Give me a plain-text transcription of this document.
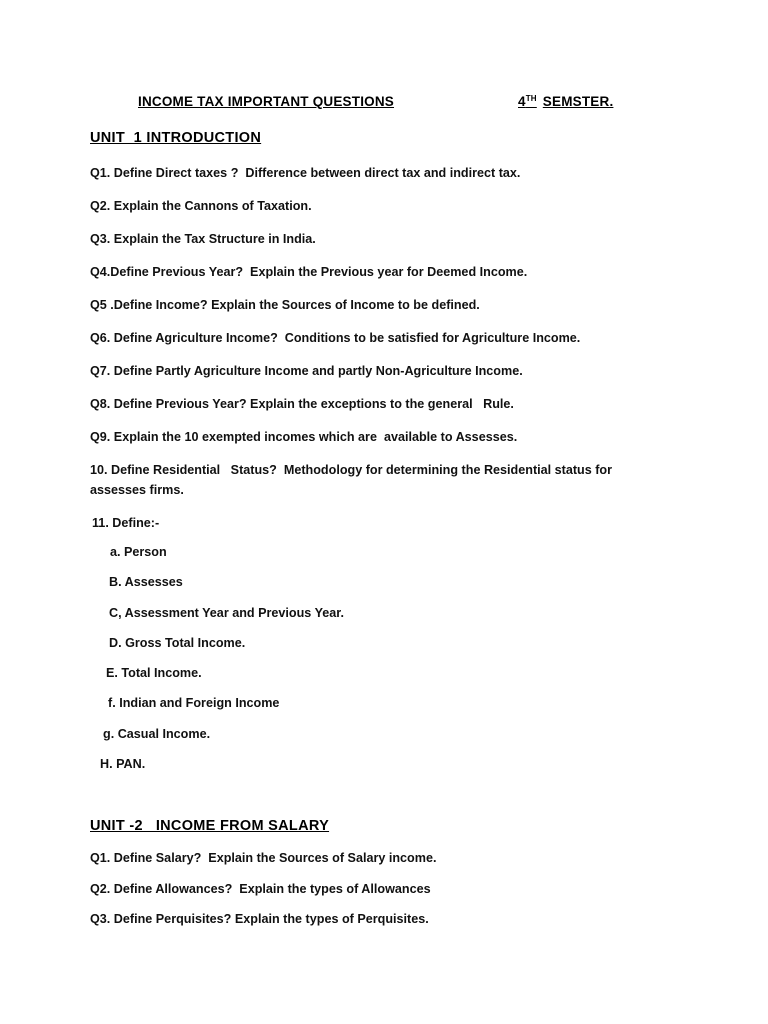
INCOME TAX IMPORTANT QUESTIONS	4TH SEMSTER.
UNIT  1 INTRODUCTION
Q1. Define Direct taxes ?  Difference between direct tax and indirect tax.
Q2. Explain the Cannons of Taxation.
Q3. Explain the Tax Structure in India.
Q4.Define Previous Year?  Explain the Previous year for Deemed Income.
Q5 .Define Income? Explain the Sources of Income to be defined.
Q6. Define Agriculture Income?  Conditions to be satisfied for Agriculture Income.
Q7. Define Partly Agriculture Income and partly Non-Agriculture Income.
Q8. Define Previous Year? Explain the exceptions to the general   Rule.
Q9. Explain the 10 exempted incomes which are  available to Assesses.
10. Define Residential   Status?  Methodology for determining the Residential status for assesses firms.
11. Define:-
a. Person
B. Assesses
C, Assessment Year and Previous Year.
D. Gross Total Income.
E. Total Income.
f. Indian and Foreign Income
g. Casual Income.
H. PAN.
UNIT -2   INCOME FROM SALARY
Q1. Define Salary?  Explain the Sources of Salary income.
Q2. Define Allowances?  Explain the types of Allowances
Q3. Define Perquisites? Explain the types of Perquisites.
